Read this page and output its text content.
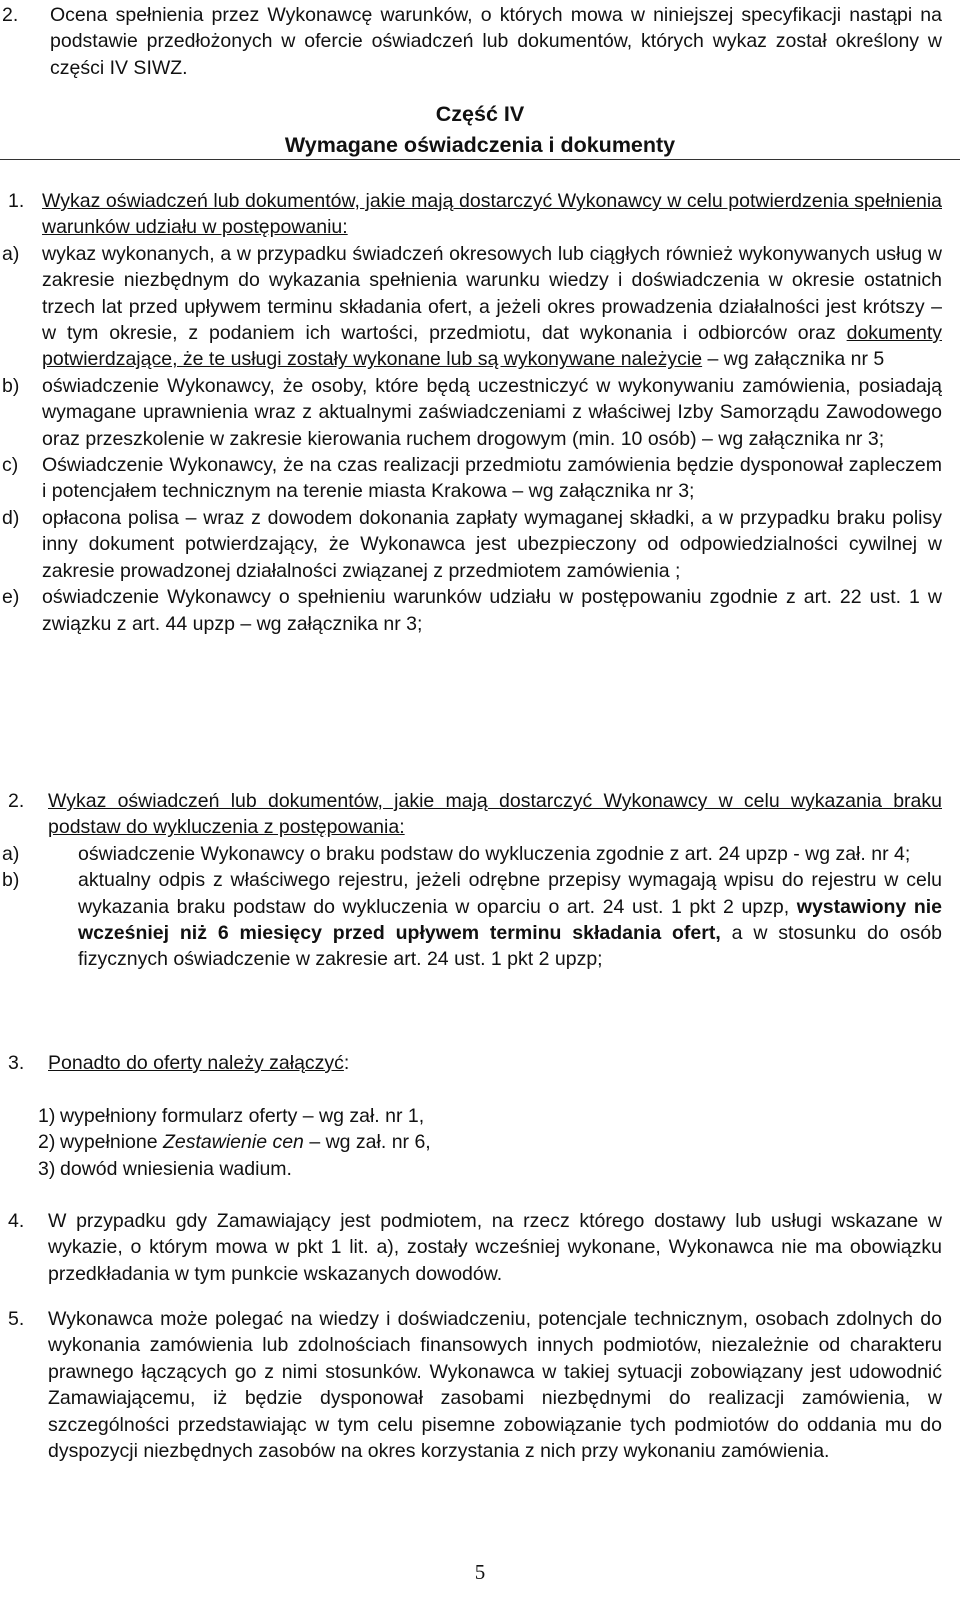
2. Ocena spełnienia przez Wykonawcę warunków, o których mowa w niniejszej specyfikacji nastąpi na podstawie przedłożonych w ofercie oświadczeń lub dokumentów, których wykaz został określony w części IV SIWZ.
Część IV
Wymagane oświadczenia i dokumenty
1. Wykaz oświadczeń lub dokumentów, jakie mają dostarczyć Wykonawcy w celu potwierdzenia spełnienia warunków udziału w postępowaniu:
a) wykaz wykonanych, a w przypadku świadczeń okresowych lub ciągłych również wykonywanych usług w zakresie niezbędnym do wykazania spełnienia warunku wiedzy i doświadczenia w okresie ostatnich trzech lat przed upływem terminu składania ofert, a jeżeli okres prowadzenia działalności jest krótszy – w tym okresie, z podaniem ich wartości, przedmiotu, dat wykonania i odbiorców oraz dokumenty potwierdzające, że te usługi zostały wykonane lub są wykonywane należycie – wg załącznika nr 5
b) oświadczenie Wykonawcy, że osoby, które będą uczestniczyć w wykonywaniu zamówienia, posiadają wymagane uprawnienia wraz z aktualnymi zaświadczeniami z właściwej Izby Samorządu Zawodowego oraz przeszkolenie w zakresie kierowania ruchem drogowym (min. 10 osób) – wg załącznika nr 3;
c) Oświadczenie Wykonawcy, że na czas realizacji przedmiotu zamówienia będzie dysponował zapleczem i potencjałem technicznym na terenie miasta Krakowa – wg załącznika nr 3;
d) opłacona polisa – wraz z dowodem dokonania zapłaty wymaganej składki, a w przypadku braku polisy inny dokument potwierdzający, że Wykonawca jest ubezpieczony od odpowiedzialności cywilnej w zakresie prowadzonej działalności związanej z przedmiotem zamówienia ;
e) oświadczenie Wykonawcy o spełnieniu warunków udziału w postępowaniu zgodnie z art. 22 ust. 1 w związku z art. 44 upzp – wg załącznika nr 3;
2. Wykaz oświadczeń lub dokumentów, jakie mają dostarczyć Wykonawcy w celu wykazania braku podstaw do wykluczenia z postępowania:
a)	oświadczenie Wykonawcy o braku podstaw do wykluczenia zgodnie z art. 24 upzp - wg zał. nr 4;
b)	aktualny odpis z właściwego rejestru, jeżeli odrębne przepisy wymagają wpisu do rejestru w celu wykazania braku podstaw do wykluczenia w oparciu o art. 24 ust. 1 pkt 2 upzp, wystawiony nie wcześniej niż 6 miesięcy przed upływem terminu składania ofert, a w stosunku do osób fizycznych oświadczenie w zakresie art. 24 ust. 1 pkt 2 upzp;
3. Ponadto do oferty należy załączyć:
1) wypełniony formularz oferty – wg zał. nr 1,
2) wypełnione Zestawienie cen – wg zał. nr 6,
3) dowód wniesienia wadium.
4. W przypadku gdy Zamawiający jest podmiotem, na rzecz którego dostawy lub usługi wskazane w wykazie, o którym mowa w pkt 1 lit. a), zostały wcześniej wykonane, Wykonawca nie ma obowiązku przedkładania w tym punkcie wskazanych dowodów.
5. Wykonawca może polegać na wiedzy i doświadczeniu, potencjale technicznym, osobach zdolnych do wykonania zamówienia lub zdolnościach finansowych innych podmiotów, niezależnie od charakteru prawnego łączących go z nimi stosunków. Wykonawca w takiej sytuacji zobowiązany jest udowodnić Zamawiającemu, iż będzie dysponował zasobami niezbędnymi do realizacji zamówienia, w szczególności przedstawiając w tym celu pisemne zobowiązanie tych podmiotów do oddania mu do dyspozycji niezbędnych zasobów na okres korzystania z nich przy wykonaniu zamówienia.
5
